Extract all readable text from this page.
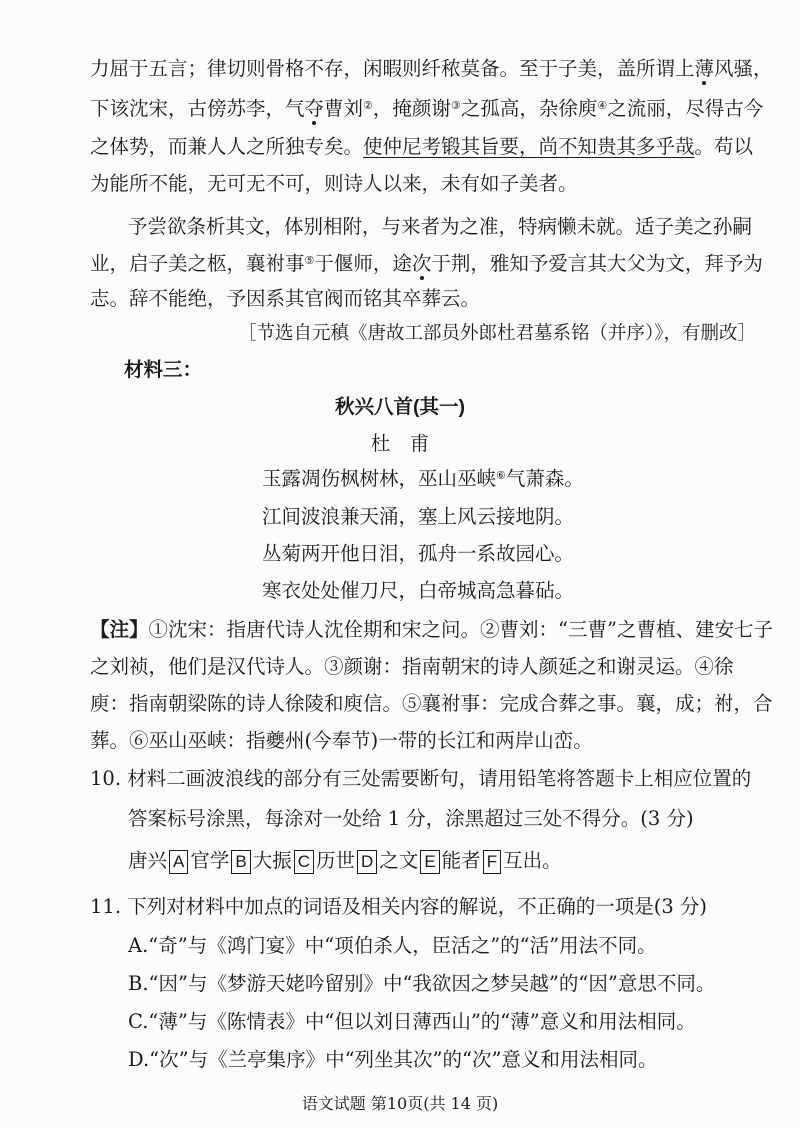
力屈于五言；律切则骨格不存，闲暇则纤秾莫备。至于子美，盖所谓上薄风骚，
下该沈宋，古傍苏李，气夺曹刘②，掩颜谢③之孤高，杂徐庾④之流丽，尽得古今
之体势，而兼人人之所独专矣。使仲尼考锻其旨要，尚不知贵其多乎哉。苟以
为能所不能，无可无不可，则诗人以来，未有如子美者。
予尝欲条析其文，体别相附，与来者为之准，特病懒未就。适子美之孙嗣
业，启子美之柩，襄祔事⑤于偃师，途次于荆，雅知予爱言其大父为文，拜予为
志。辞不能绝，予因系其官阀而铭其卒葬云。
［节选自元稹《唐故工部员外郎杜君墓系铭（并序）》，有删改］
材料三：
秋兴八首(其一)
杜　甫
玉露凋伤枫树林，巫山巫峡⑥气萧森。
江间波浪兼天涌，塞上风云接地阴。
丛菊两开他日泪，孤舟一系故园心。
寒衣处处催刀尺，白帝城高急暮砧。
【注】①沈宋：指唐代诗人沈佺期和宋之问。②曹刘：“三曹”之曹植、建安七子
之刘祯，他们是汉代诗人。③颜谢：指南朝宋的诗人颜延之和谢灵运。④徐
庾：指南朝梁陈的诗人徐陵和庾信。⑤襄祔事：完成合葬之事。襄，成；祔，合
葬。⑥巫山巫峡：指夔州(今奉节)一带的长江和两岸山峦。
10. 材料二画波浪线的部分有三处需要断句，请用铅笔将答题卡上相应位置的
答案标号涂黑，每涂对一处给 1 分，涂黑超过三处不得分。(3 分)
唐兴 A 官学 B 大振 C 历世 D 之文 E 能者 F 互出。
11. 下列对材料中加点的词语及相关内容的解说，不正确的一项是(3 分)
A.“奇”与《鸿门宴》中“项伯杀人，臣活之”的“活”用法不同。
B.“因”与《梦游天姥吟留别》中“我欲因之梦吴越”的“因”意思不同。
C.“薄”与《陈情表》中“但以刘日薄西山”的“薄”意义和用法相同。
D.“次”与《兰亭集序》中“列坐其次”的“次”意义和用法相同。
语文试题 第10页(共 14 页)
